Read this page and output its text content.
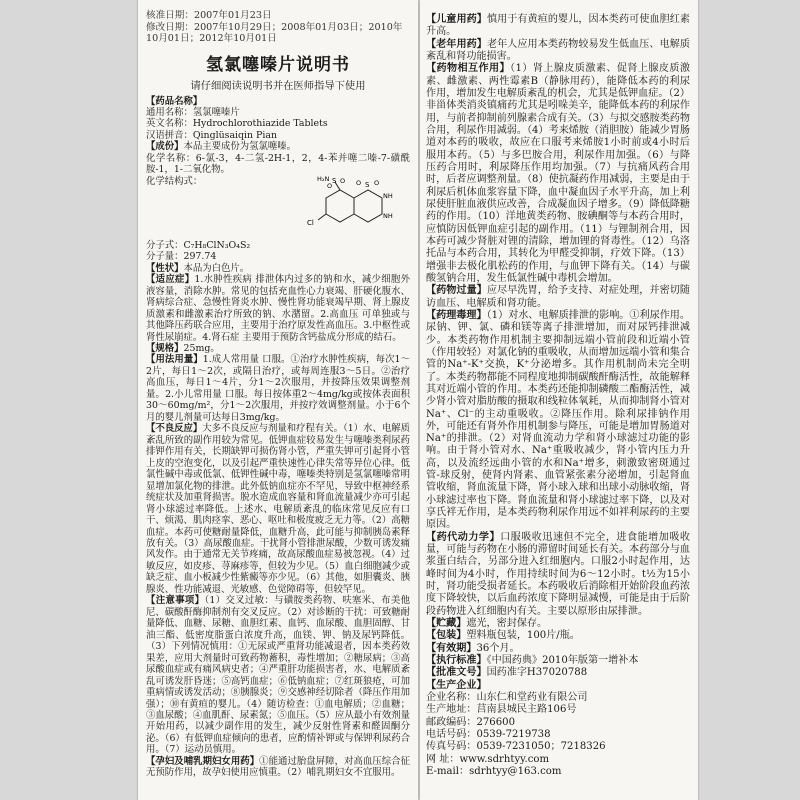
核准日期：2007年01月23日
修改日期：2007年10月29日；2008年01月03日；2010年10月01日；2012年10月01日
氢氯噻嗪片说明书
请仔细阅读说明书并在医师指导下使用

【药品名称】

通用名称：氢氯噻嗪片

英文名称：Hydrochlorothiazide Tablets

汉语拼音：Qinglüsaiqin Pian

【成份】本品主要成份为氢氯噻嗪。

化学名称：6-氯-3，4-二氢-2H-1，2，4-苯并噻二嗪-7-磺酰胺-1，1-二氧化物。

化学结构式：	S
H₂N
O
O
Cl
S O
O
NH
NH

分子式：C₇H₈ClN₃O₄S₂

分子量：297.74

【性状】本品为白色片。

【适应症】1.水肿性疾病 排泄体内过多的钠和水，减少细胞外液容量，消除水肿。常见的包括充血性心力衰竭、肝硬化腹水、肾病综合症、急慢性肾炎水肿、慢性肾功能衰竭早期、肾上腺皮质激素和雌激素治疗所致的钠、水潴留。2.高血压 可单独或与其他降压药联合应用，主要用于治疗原发性高血压。3.中枢性或肾性尿崩症。4.肾石症 主要用于预防含钙盐成分形成的结石。

【规格】25mg。

【用法用量】1.成人常用量 口服。①治疗水肿性疾病，每次1～2片，每日1～2次，或隔日治疗，或每周连服3～5日。②治疗高血压，每日1～4片，分1～2次服用，并按降压效果调整剂量。2.小儿常用量 口服。每日按体重2～4mg/kg或按体表面积30～60mg/m²，分1～2次服用，并按疗效调整剂量。小于6个月的婴儿剂量可达每日3mg/kg。

【不良反应】大多不良反应与剂量和疗程有关。（1）水、电解质紊乱所致的副作用较为常见。低钾血症较易发生与噻嗪类利尿药排钾作用有关，长期缺钾可损伤肾小管，严重失钾可引起肾小管上皮的空泡变化，以及引起严重快速性心律失常等异位心律。低氯性碱中毒或低氯、低钾性碱中毒，噻嗪类特别是氢氯噻嗪常明显增加氯化物的排泄。此外低钠血症亦不罕见，导致中枢神经系统症状及加重肾损害。脱水造成血容量和肾血流量减少亦可引起肾小球滤过率降低。上述水、电解质紊乱的临床常见反应有口干、烦渴、肌肉痉挛、恶心、呕吐和极度疲乏无力等。（2）高糖血症。本药可使糖耐量降低，血糖升高，此可能与抑制胰岛素释放有关。（3）高尿酸血症。干扰肾小管排泄尿酸，少数可诱发痛风发作。由于通常无关节疼痛，故高尿酸血症易被忽视。（4）过敏反应，如皮疹、荨麻疹等，但较为少见。（5）血白细胞减少或缺乏症、血小板减少性紫癜等亦少见。（6）其他，如胆囊炎、胰腺炎、性功能减退、光敏感、色觉障碍等，但较罕见。

【注意事项】（1）交叉过敏：与磺胺类药物、呋塞米、布美他尼、碳酸酐酶抑制剂有交叉反应。（2）对诊断的干扰：可致糖耐量降低、血糖、尿糖、血胆红素、血钙、血尿酸、血胆固醇、甘油三酯、低密度脂蛋白浓度升高，血镁、钾、钠及尿钙降低。（3）下列情况慎用：①无尿或严重肾功能减退者，因本类药效果差，应用大剂量时可致药物蓄积，毒性增加；②糖尿病；③高尿酸血症或有痛风病史者；④严重肝功能损害者，水、电解质紊乱可诱发肝昏迷；⑤高钙血症；⑥低钠血症；⑦红斑狼疮，可加重病情或诱发活动；⑧胰腺炎；⑨交感神经切除者（降压作用加强）；⑩有黄疸的婴儿。（4）随访检查：①血电解质；②血糖；③血尿酸；④血肌酐、尿素氮；⑤血压。（5）应从最小有效剂量开始用药，以减少副作用的发生，减少反射性肾素和醛固酮分泌。（6）有低钾血症倾向的患者，应酌情补钾或与保钾利尿药合用。（7）运动员慎用。

【孕妇及哺乳期妇女用药】①能通过胎盘屏障，对高血压综合征无预防作用，故孕妇使用应慎重。（2）哺乳期妇女不宜服用。

【儿童用药】慎用于有黄疸的婴儿，因本类药可使血胆红素升高。

【老年用药】老年人应用本类药物较易发生低血压、电解质紊乱和肾功能损害。

【药物相互作用】（1）肾上腺皮质激素、促肾上腺皮质激素、雌激素、两性霉素B（静脉用药），能降低本药的利尿作用，增加发生电解质紊乱的机会，尤其是低钾血症。（2）非甾体类消炎镇痛药尤其是吲哚美辛，能降低本药的利尿作用，与前者抑制前列腺素合成有关。（3）与拟交感胺类药物合用，利尿作用减弱。（4）考来烯胺（消胆胺）能减少胃肠道对本药的吸收，故应在口服考来烯胺1小时前或4小时后服用本药。（5）与多巴胺合用，利尿作用加强。（6）与降压药合用时，利尿降压作用均加强。（7）与抗痛风药合用时，后者应调整剂量。（8）使抗凝药作用减弱，主要是由于利尿后机体血浆容量下降，血中凝血因子水平升高，加上利尿使肝脏血液供应改善，合成凝血因子增多。（9）降低降糖药的作用。（10）洋地黄类药物、胺碘酮等与本药合用时，应慎防因低钾血症引起的副作用。（11）与锂制剂合用，因本药可减少肾脏对锂的清除，增加锂的肾毒性。（12）乌洛托品与本药合用，其转化为甲醛受抑制，疗效下降。（13）增强非去极化肌松药的作用，与血钾下降有关。（14）与碳酸氢钠合用，发生低氯性碱中毒机会增加。

【药物过量】应尽早洗胃，给予支持、对症处理，并密切随访血压、电解质和肾功能。

【药理毒理】（1）对水、电解质排泄的影响。①利尿作用。尿钠、钾、氯、磷和镁等离子排泄增加，而对尿钙排泄减少。本类药物作用机制主要抑制远端小管前段和近端小管（作用较轻）对氯化钠的重吸收，从而增加远端小管和集合管的Na⁺-K⁺交换，K⁺分泌增多。其作用机制尚未完全明了。本类药物都能不同程度地抑制碳酸酐酶活性，故能解释其对近端小管的作用。本类药还能抑制磷酸二酯酶活性，减少肾小管对脂肪酸的摄取和线粒体氧耗，从而抑制肾小管对Na⁺、Cl⁻的主动重吸收。②降压作用。除利尿排钠作用外，可能还有肾外作用机制参与降压，可能是增加胃肠道对Na⁺的排泄。（2）对肾血流动力学和肾小球滤过功能的影响。由于肾小管对水、Na⁺重吸收减少，肾小管内压力升高，以及流经远曲小管的水和Na⁺增多，刺激致密斑通过管-球反射，使肾内肾素、血管紧张素分泌增加，引起肾血管收缩，肾血流量下降，肾小球入球和出球小动脉收缩，肾小球滤过率也下降。肾血流量和肾小球滤过率下降，以及对享氏袢无作用，是本类药物利尿作用远不如袢利尿药的主要原因。

【药代动力学】口服吸收迅速但不完全，进食能增加吸收量，可能与药物在小肠的滞留时间延长有关。本药部分与血浆蛋白结合，另部分进入红细胞内。口服2小时起作用，达峰时间为4小时，作用持续时间为6～12小时。t½为15小时，肾功能受损者延长。本药吸收后消除相开始阶段血药浓度下降较快，以后血药浓度下降明显减慢，可能是由于后阶段药物进入红细胞内有关。主要以原形由尿排泄。

【贮藏】遮光，密封保存。

【包装】塑料瓶包装，100片/瓶。

【有效期】36个月。

【执行标准】《中国药典》2010年版第一增补本

【批准文号】国药准字H37020788

【生产企业】

企业名称：山东仁和堂药业有限公司

生产地址：莒南县城民主路106号

邮政编码：276600

电话号码：0539-7219738

传真号码：0539-7231050；7218326

网 址：www.sdrhtyy.com

E-mail：sdrhtyy@163.com
